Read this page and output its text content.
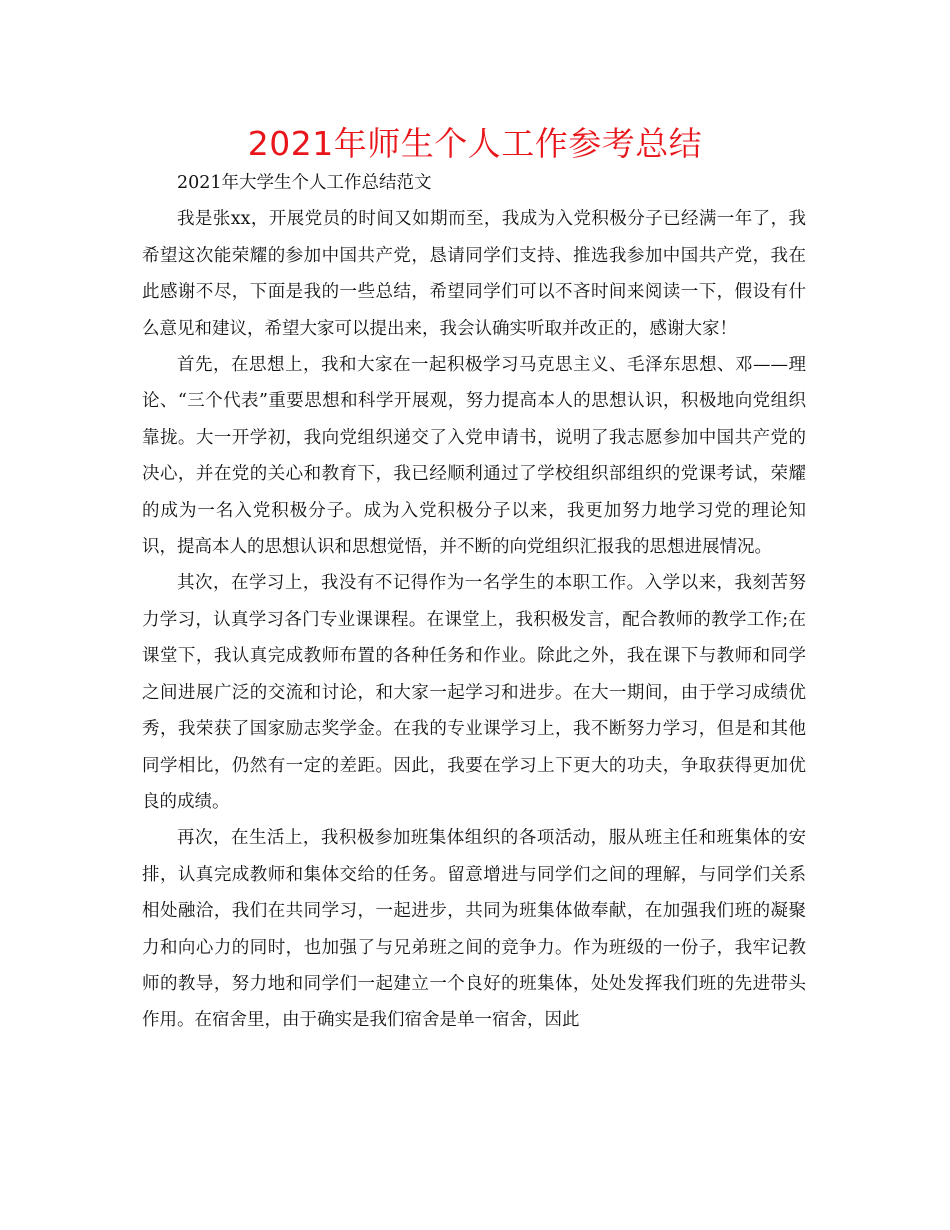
2021年师生个人工作参考总结

2021年大学生个人工作总结范文

我是张xx，开展党员的时间又如期而至，我成为入党积极分子已经满一年了，我希望这次能荣耀的参加中国共产党，恳请同学们支持、推选我参加中国共产党，我在此感谢不尽，下面是我的一些总结，希望同学们可以不吝时间来阅读一下，假设有什么意见和建议，希望大家可以提出来，我会认确实听取并改正的，感谢大家！

首先，在思想上，我和大家在一起积极学习马克思主义、毛泽东思想、邓——理论、“三个代表”重要思想和科学开展观，努力提高本人的思想认识，积极地向党组织靠拢。大一开学初，我向党组织递交了入党申请书，说明了我志愿参加中国共产党的决心，并在党的关心和教育下，我已经顺利通过了学校组织部组织的党课考试，荣耀的成为一名入党积极分子。成为入党积极分子以来，我更加努力地学习党的理论知识，提高本人的思想认识和思想觉悟，并不断的向党组织汇报我的思想进展情况。

其次，在学习上，我没有不记得作为一名学生的本职工作。入学以来，我刻苦努力学习，认真学习各门专业课课程。在课堂上，我积极发言，配合教师的教学工作;在课堂下，我认真完成教师布置的各种任务和作业。除此之外，我在课下与教师和同学之间进展广泛的交流和讨论，和大家一起学习和进步。在大一期间，由于学习成绩优秀，我荣获了国家励志奖学金。在我的专业课学习上，我不断努力学习，但是和其他同学相比，仍然有一定的差距。因此，我要在学习上下更大的功夫，争取获得更加优良的成绩。

再次，在生活上，我积极参加班集体组织的各项活动，服从班主任和班集体的安排，认真完成教师和集体交给的任务。留意增进与同学们之间的理解，与同学们关系相处融洽，我们在共同学习，一起进步，共同为班集体做奉献，在加强我们班的凝聚力和向心力的同时，也加强了与兄弟班之间的竞争力。作为班级的一份子，我牢记教师的教导，努力地和同学们一起建立一个良好的班集体，处处发挥我们班的先进带头作用。在宿舍里，由于确实是我们宿舍是单一宿舍，因此
